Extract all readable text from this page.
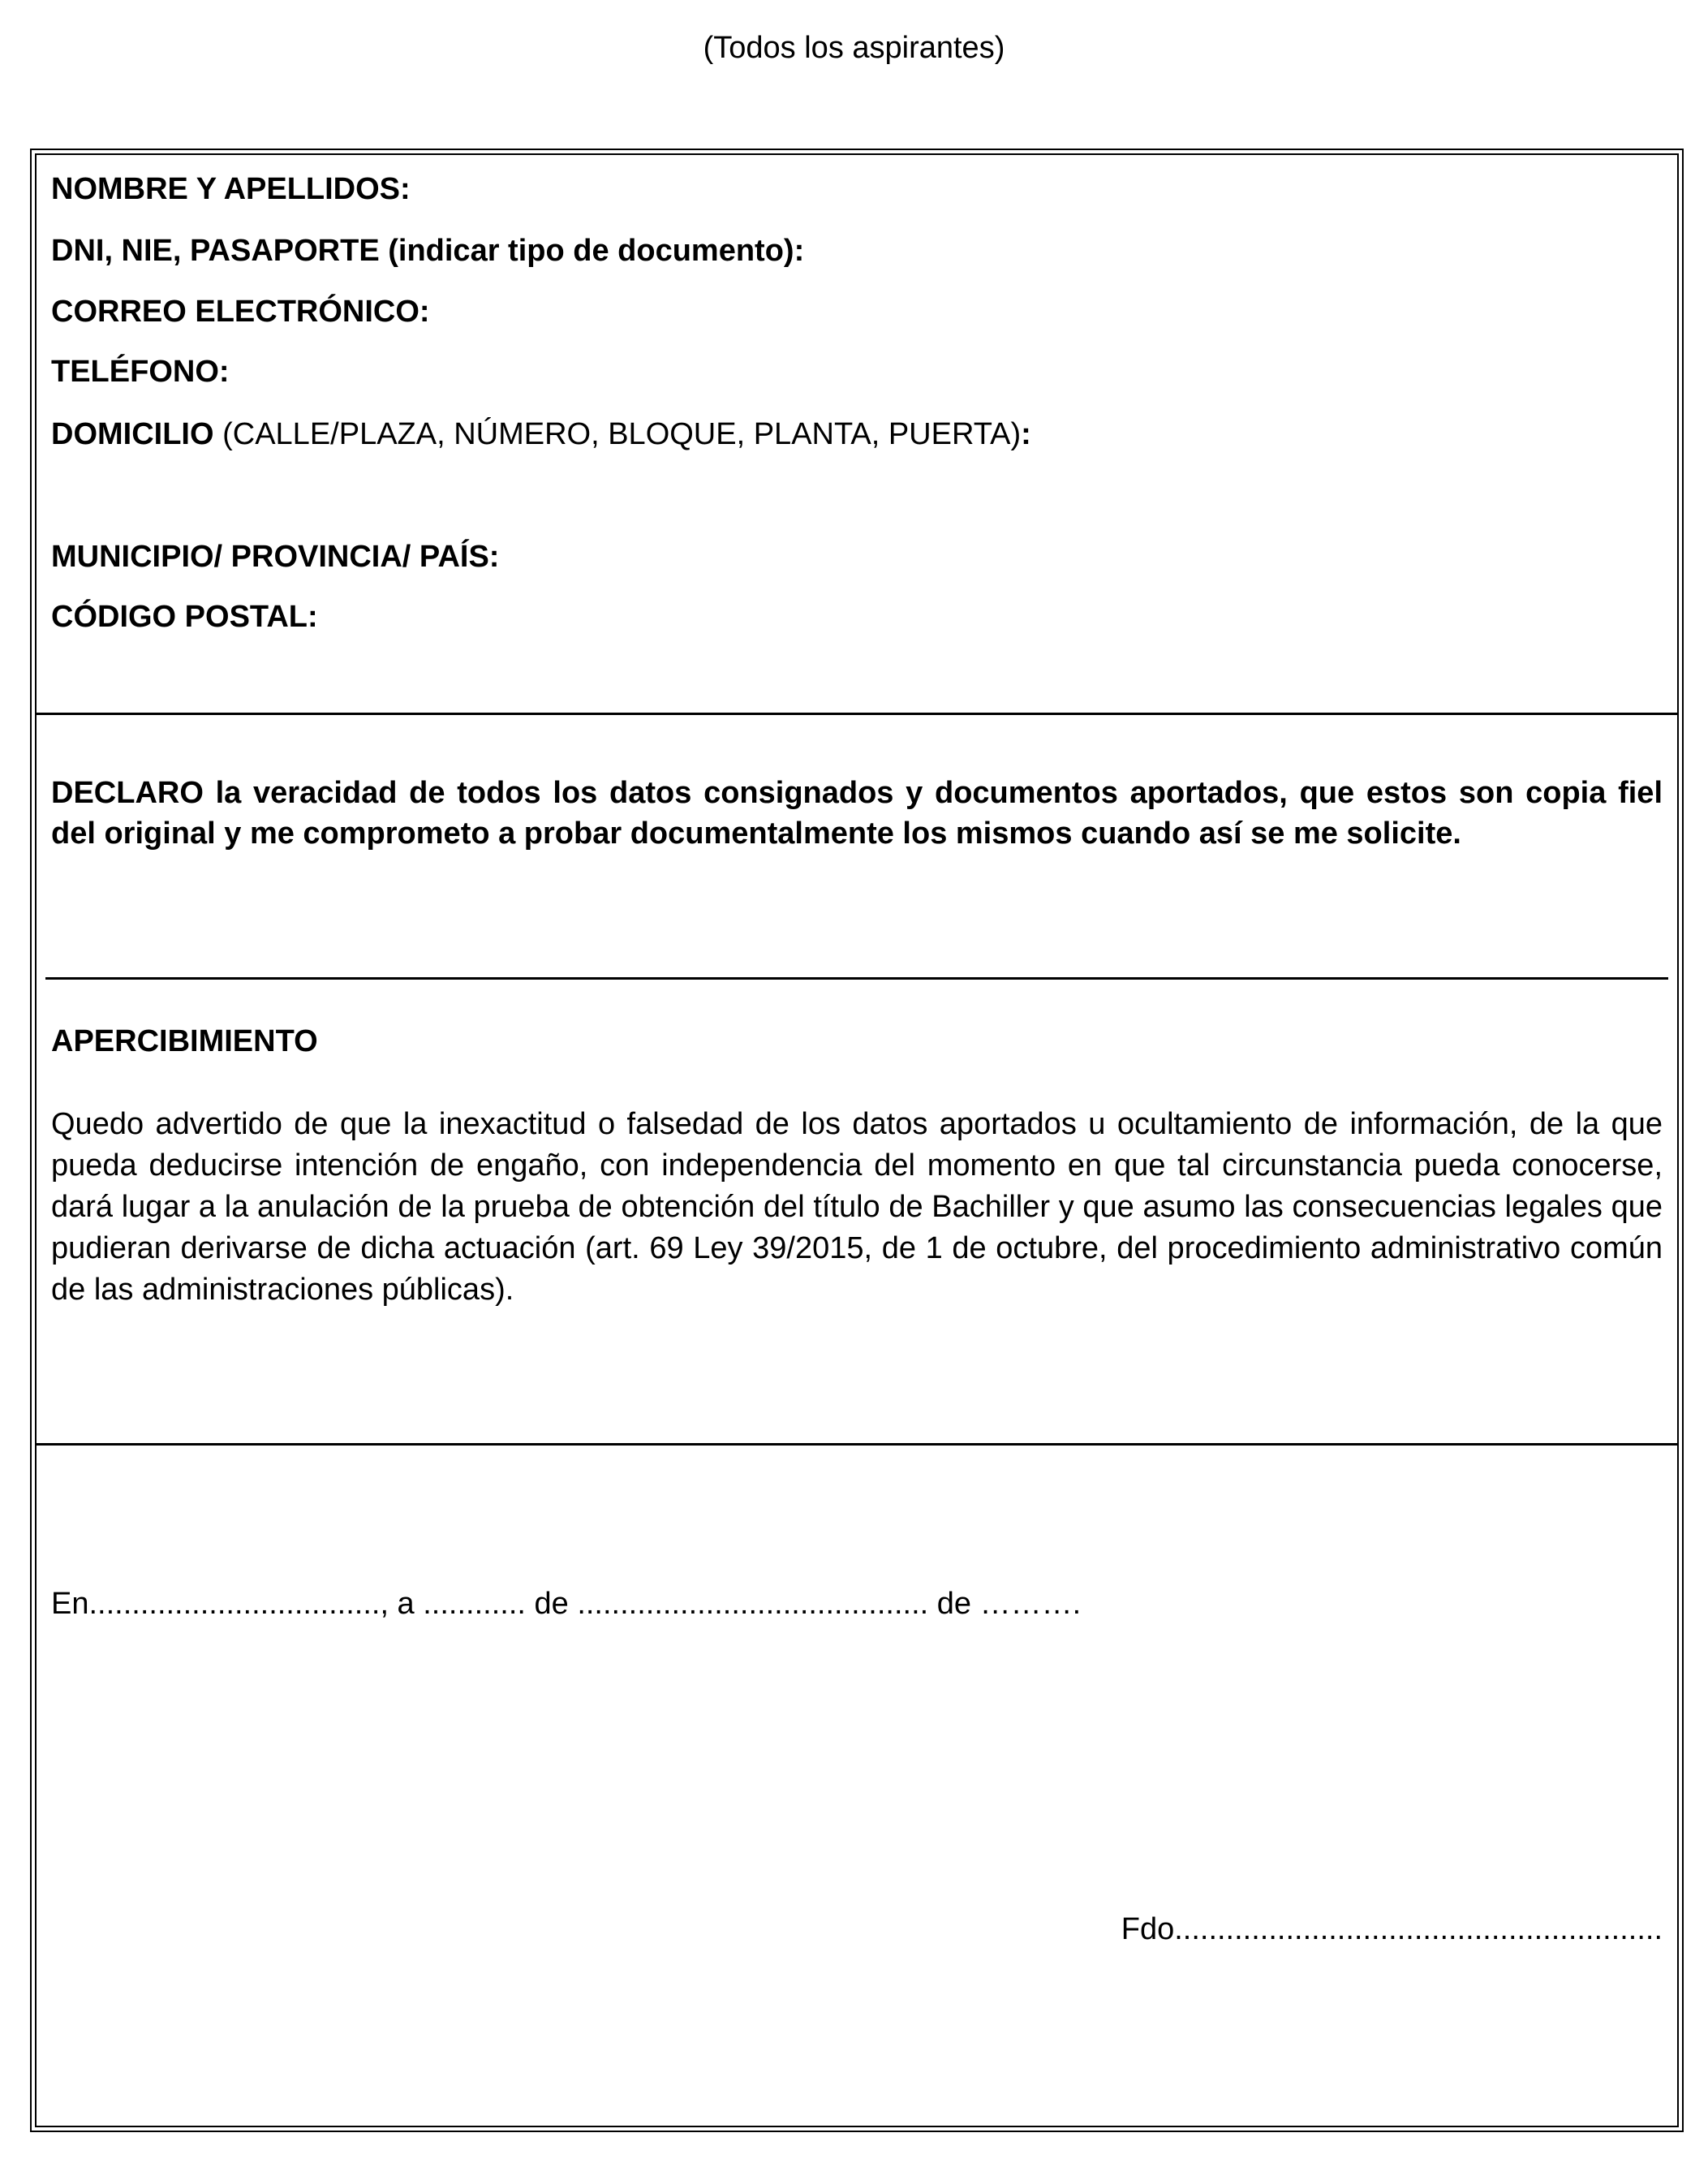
(Todos los aspirantes)
NOMBRE Y APELLIDOS:
DNI, NIE, PASAPORTE (indicar tipo de documento):
CORREO ELECTRÓNICO:
TELÉFONO:
DOMICILIO (CALLE/PLAZA, NÚMERO, BLOQUE, PLANTA, PUERTA):
MUNICIPIO/ PROVINCIA/ PAÍS:
CÓDIGO POSTAL:
DECLARO la veracidad de todos los datos consignados y documentos aportados, que estos son copia fiel del original y me comprometo a probar documentalmente los mismos cuando así se me solicite.
APERCIBIMIENTO
Quedo advertido de que la inexactitud o falsedad de los datos aportados u ocultamiento de información, de la que pueda deducirse intención de engaño, con independencia del momento en que tal circunstancia pueda conocerse, dará lugar a la anulación de la prueba de obtención del título de Bachiller y que asumo las consecuencias legales que pudieran derivarse de dicha actuación (art. 69 Ley 39/2015, de 1 de octubre, del procedimiento administrativo común de las administraciones públicas).
En.................................., a ............ de ......................................... de ……….
Fdo.........................................................
